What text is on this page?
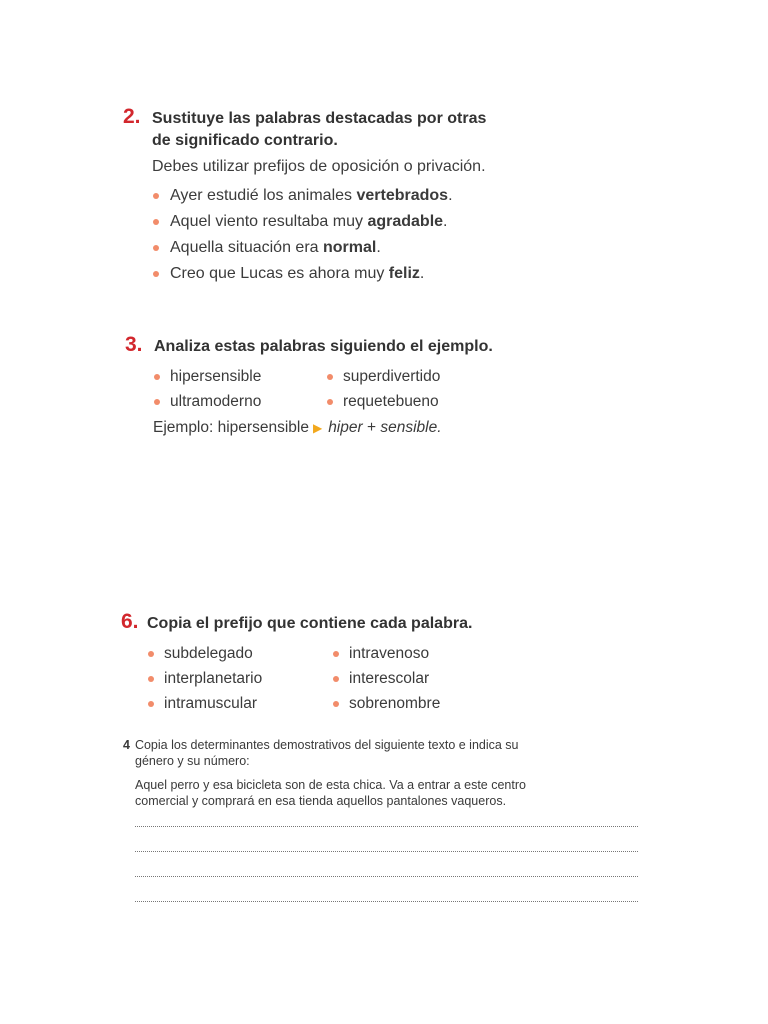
2. Sustituye las palabras destacadas por otras
de significado contrario.
Debes utilizar prefijos de oposición o privación.
Ayer estudié los animales vertebrados.
Aquel viento resultaba muy agradable.
Aquella situación era normal.
Creo que Lucas es ahora muy feliz.
3. Analiza estas palabras siguiendo el ejemplo.
hipersensible	superdivertido
ultramoderno	requetebueno
Ejemplo: hipersensible ▶ hiper + sensible.
6. Copia el prefijo que contiene cada palabra.
subdelegado	intravenoso
interplanetario	interescolar
intramuscular	sobrenombre
4 Copia los determinantes demostrativos del siguiente texto e indica su
género y su número:
Aquel perro y esa bicicleta son de esta chica. Va a entrar a este centro
comercial y comprará en esa tienda aquellos pantalones vaqueros.
